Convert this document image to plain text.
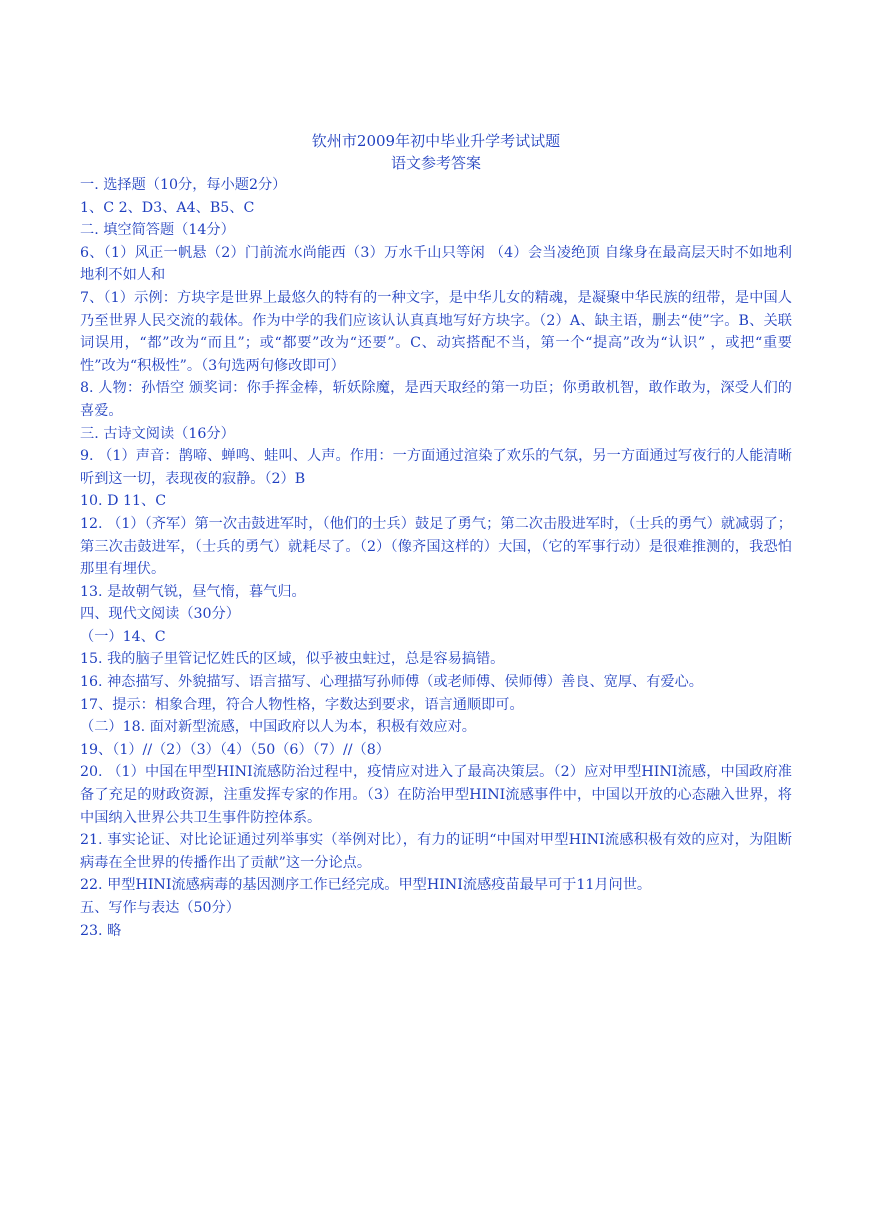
钦州市2009年初中毕业升学考试试题

语文参考答案

一. 选择题（10分，每小题2分）

1、C 2、D3、A4、B5、C

二. 填空简答题（14分）

6、（1）风正一帆悬（2）门前流水尚能西（3）万水千山只等闲 （4）会当凌绝顶 自缘身在最高层天时不如地利地利不如人和

7、（1）示例：方块字是世界上最悠久的特有的一种文字，是中华儿女的精魂，是凝聚中华民族的纽带，是中国人乃至世界人民交流的载体。作为中学的我们应该认认真真地写好方块字。（2）A、缺主语，删去“使”字。B、关联词误用，“都”改为“而且”；或“都要”改为“还要”。C、动宾搭配不当，第一个“提高”改为“认识” ，或把“重要性”改为“积极性”。（3句选两句修改即可）

8. 人物：孙悟空 颁奖词：你手挥金棒，斩妖除魔，是西天取经的第一功臣；你勇敢机智，敢作敢为，深受人们的喜爱。

三. 古诗文阅读（16分）

9. （1）声音：鹊啼、蝉鸣、蛙叫、人声。作用：一方面通过渲染了欢乐的气氛，另一方面通过写夜行的人能清晰听到这一切，表现夜的寂静。（2）B

10. D 11、C

12. （1）（齐军）第一次击鼓进军时，（他们的士兵）鼓足了勇气；第二次击股进军时，（士兵的勇气）就减弱了；第三次击鼓进军，（士兵的勇气）就耗尽了。（2）（像齐国这样的）大国，（它的军事行动）是很难推测的，我恐怕那里有埋伏。

13. 是故朝气锐，昼气惰，暮气归。

四、现代文阅读（30分）

（一）14、C

15. 我的脑子里管记忆姓氏的区域，似乎被虫蛀过，总是容易搞错。

16. 神态描写、外貌描写、语言描写、心理描写孙师傅（或老师傅、侯师傅）善良、宽厚、有爱心。

17、提示：相象合理，符合人物性格，字数达到要求，语言通顺即可。

（二）18. 面对新型流感，中国政府以人为本，积极有效应对。

19、（1）//（2）（3）（4）（50（6）（7）//（8）

20. （1）中国在甲型HINI流感防治过程中，疫情应对进入了最高决策层。（2）应对甲型HINI流感，中国政府准备了充足的财政资源，注重发挥专家的作用。（3）在防治甲型HINI流感事件中，中国以开放的心态融入世界，将中国纳入世界公共卫生事件防控体系。

21. 事实论证、对比论证通过列举事实（举例对比），有力的证明“中国对甲型HINI流感积极有效的应对，为阻断病毒在全世界的传播作出了贡献”这一分论点。

22. 甲型HINI流感病毒的基因测序工作已经完成。甲型HINI流感疫苗最早可于11月问世。

五、写作与表达（50分）

23. 略
